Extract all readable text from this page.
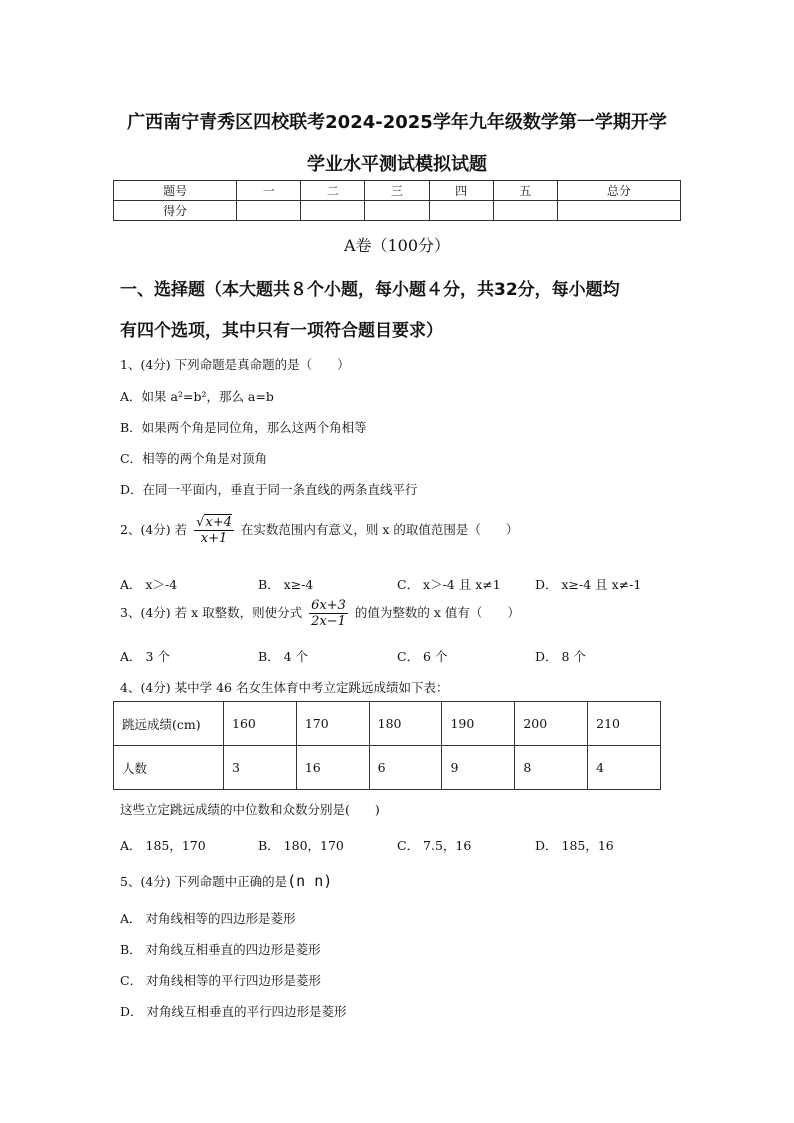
广西南宁青秀区四校联考2024-2025学年九年级数学第一学期开学
学业水平测试模拟试题
题号	一	二	三	四	五	总分
得分						
A卷（100分）
一、选择题（本大题共８个小题，每小题４分，共32分，每小题均
有四个选项，其中只有一项符合题目要求）
1、(4分) 下列命题是真命题的是（　　）
A．如果 a²=b²，那么 a=b
B．如果两个角是同位角，那么这两个角相等
C．相等的两个角是对顶角
D．在同一平面内，垂直于同一条直线的两条直线平行
2、(4分) 若 $\frac{√x+4}{x+1}$ 在实数范围内有意义，则 x 的取值范围是（　　）
A． x＞-4	B． x≥-4	C． x＞-4 且 x≠1	D． x≥-4 且 x≠-1
3、(4分) 若 x 取整数，则使分式 $\frac{6x+3}{2x-1}$ 的值为整数的 x 值有（　　）
A． 3 个	B． 4 个	C． 6 个	D． 8 个
4、(4分) 某中学 46 名女生体育中考立定跳远成绩如下表：
跳远成绩(cm)	160	170	180	190	200	210
人数	3	16	6	9	8	4
这些立定跳远成绩的中位数和众数分别是(　　)
A． 185，170	B． 180，170	C． 7.5，16	D． 185，16
5、(4分) 下列命题中正确的是(n n)
A． 对角线相等的四边形是菱形
B． 对角线互相垂直的四边形是菱形
C． 对角线相等的平行四边形是菱形
D． 对角线互相垂直的平行四边形是菱形
